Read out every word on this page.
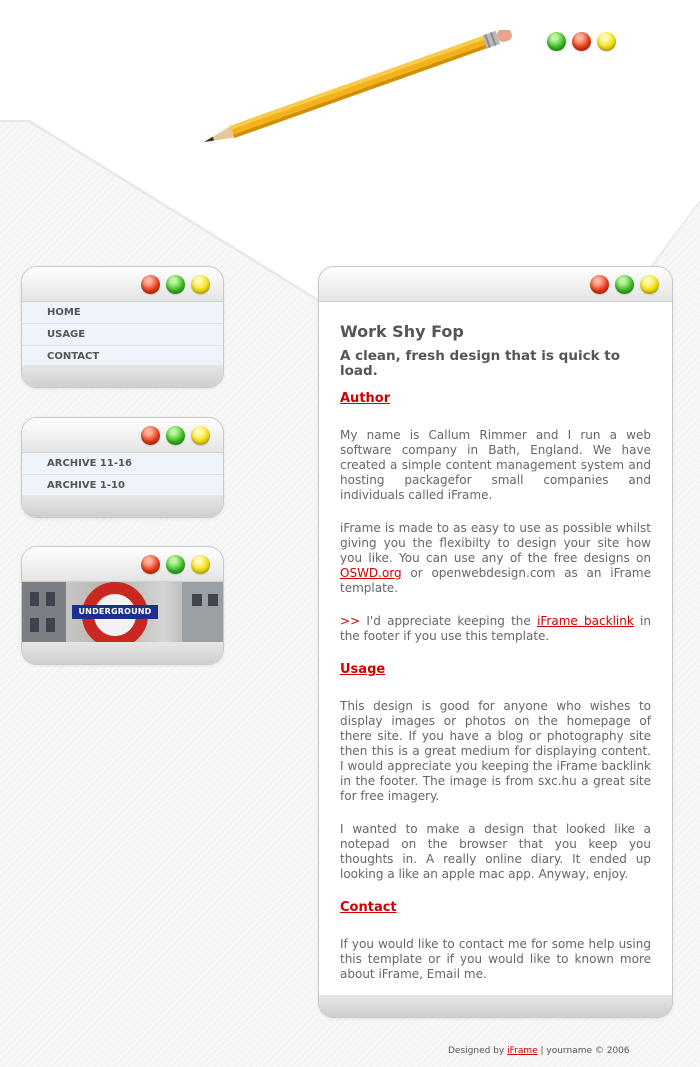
HOME
USAGE
CONTACT
ARCHIVE 11-16
ARCHIVE 1-10
UNDERGROUND
Work Shy Fop
A clean, fresh design that is quick to load.
Author

My name is Callum Rimmer and I run a web software company in Bath, England. We have created a simple content management system and hosting packagefor small companies and individuals called iFrame.

iFrame is made to as easy to use as possible whilst giving you the flexibilty to design your site how you like. You can use any of the free designs on OSWD.org or openwebdesign.com as an iFrame template.

>> I'd appreciate keeping the iFrame backlink in the footer if you use this template.

Usage

This design is good for anyone who wishes to display images or photos on the homepage of there site. If you have a blog or photography site then this is a great medium for displaying content. I would appreciate you keeping the iFrame backlink in the footer. The image is from sxc.hu a great site for free imagery.

I wanted to make a design that looked like a notepad on the browser that you keep you thoughts in. A really online diary. It ended up looking a like an apple mac app. Anyway, enjoy.

Contact

If you would like to contact me for some help using this template or if you would like to known more about iFrame, Email me.

Designed by iFrame | yourname © 2006
